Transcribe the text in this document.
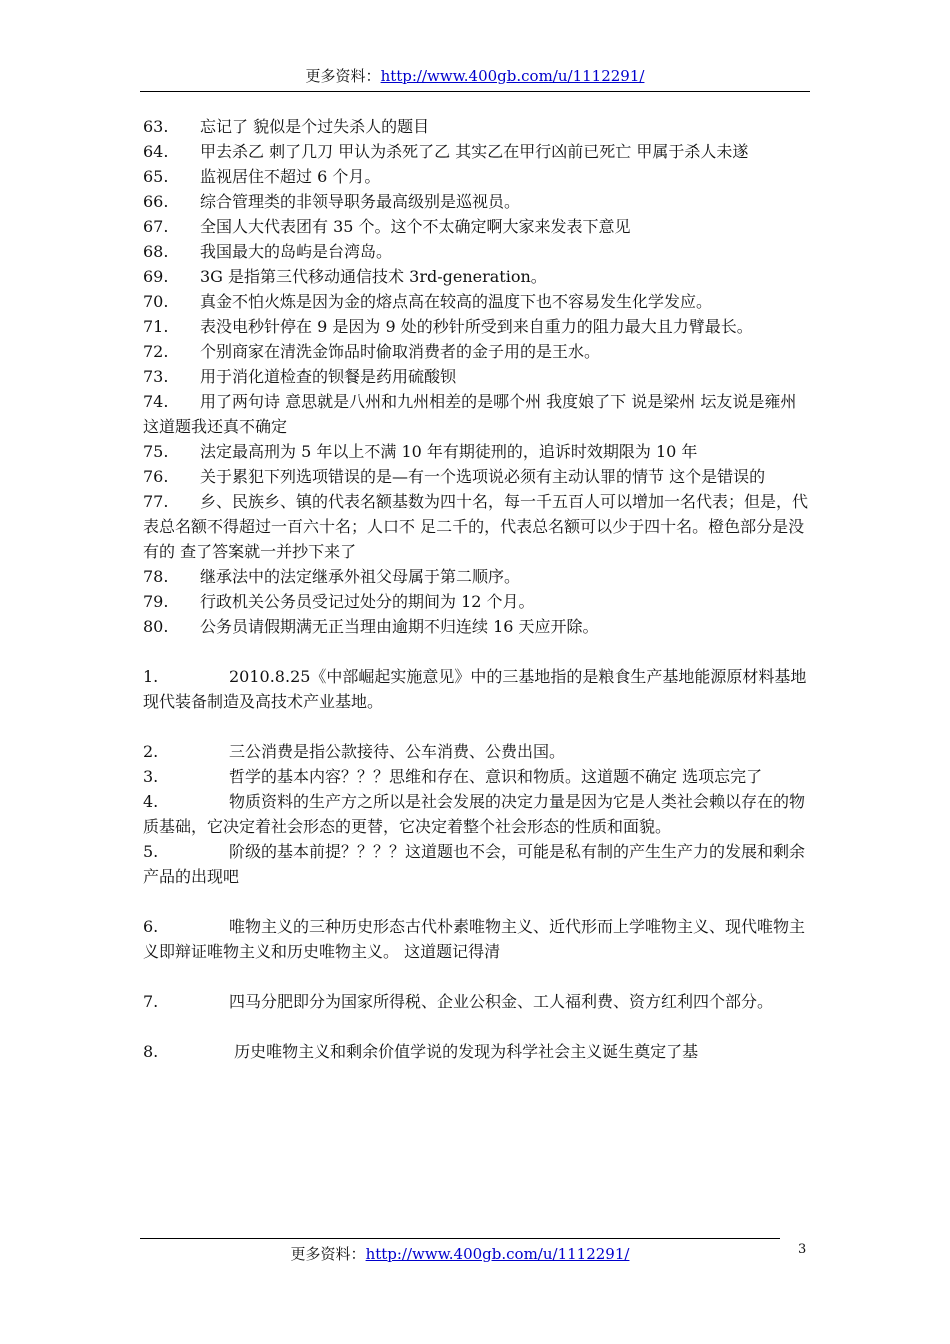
更多资料：http://www.400gb.com/u/1112291/
63. 忘记了 貌似是个过失杀人的题目
64. 甲去杀乙 刺了几刀 甲认为杀死了乙 其实乙在甲行凶前已死亡 甲属于杀人未遂
65. 监视居住不超过 6 个月。
66. 综合管理类的非领导职务最高级别是巡视员。
67. 全国人大代表团有 35 个。这个不太确定啊大家来发表下意见
68. 我国最大的岛屿是台湾岛。
69. 3G 是指第三代移动通信技术 3rd-generation。
70. 真金不怕火炼是因为金的熔点高在较高的温度下也不容易发生化学发应。
71. 表没电秒针停在 9 是因为 9 处的秒针所受到来自重力的阻力最大且力臂最长。
72. 个别商家在清洗金饰品时偷取消费者的金子用的是王水。
73. 用于消化道检查的钡餐是药用硫酸钡
74. 用了两句诗 意思就是八州和九州相差的是哪个州 我度娘了下 说是梁州 坛友说是雍州 这道题我还真不确定
75. 法定最高刑为 5 年以上不满 10 年有期徒刑的，追诉时效期限为 10 年
76. 关于累犯下列选项错误的是—有一个选项说必须有主动认罪的情节 这个是错误的
77. 乡、民族乡、镇的代表名额基数为四十名，每一千五百人可以增加一名代表；但是，代表总名额不得超过一百六十名；人口不 足二千的，代表总名额可以少于四十名。橙色部分是没有的 查了答案就一并抄下来了
78. 继承法中的法定继承外祖父母属于第二顺序。
79. 行政机关公务员受记过处分的期间为 12 个月。
80. 公务员请假期满无正当理由逾期不归连续 16 天应开除。
1.	2010.8.25《中部崛起实施意见》中的三基地指的是粮食生产基地能源原材料基地现代装备制造及高技术产业基地。
2.	三公消费是指公款接待、公车消费、公费出国。
3.	哲学的基本内容？？？思维和存在、意识和物质。这道题不确定 选项忘完了
4.	物质资料的生产方之所以是社会发展的决定力量是因为它是人类社会赖以存在的物质基础，它决定着社会形态的更替，它决定着整个社会形态的性质和面貌。
5.	阶级的基本前提？？？？这道题也不会，可能是私有制的产生生产力的发展和剩余产品的出现吧
6.	唯物主义的三种历史形态古代朴素唯物主义、近代形而上学唯物主义、现代唯物主义即辩证唯物主义和历史唯物主义。 这道题记得清
7.	四马分肥即分为国家所得税、企业公积金、工人福利费、资方红利四个部分。
8.	历史唯物主义和剩余价值学说的发现为科学社会主义诞生奠定了基
更多资料：http://www.400gb.com/u/1112291/	3
